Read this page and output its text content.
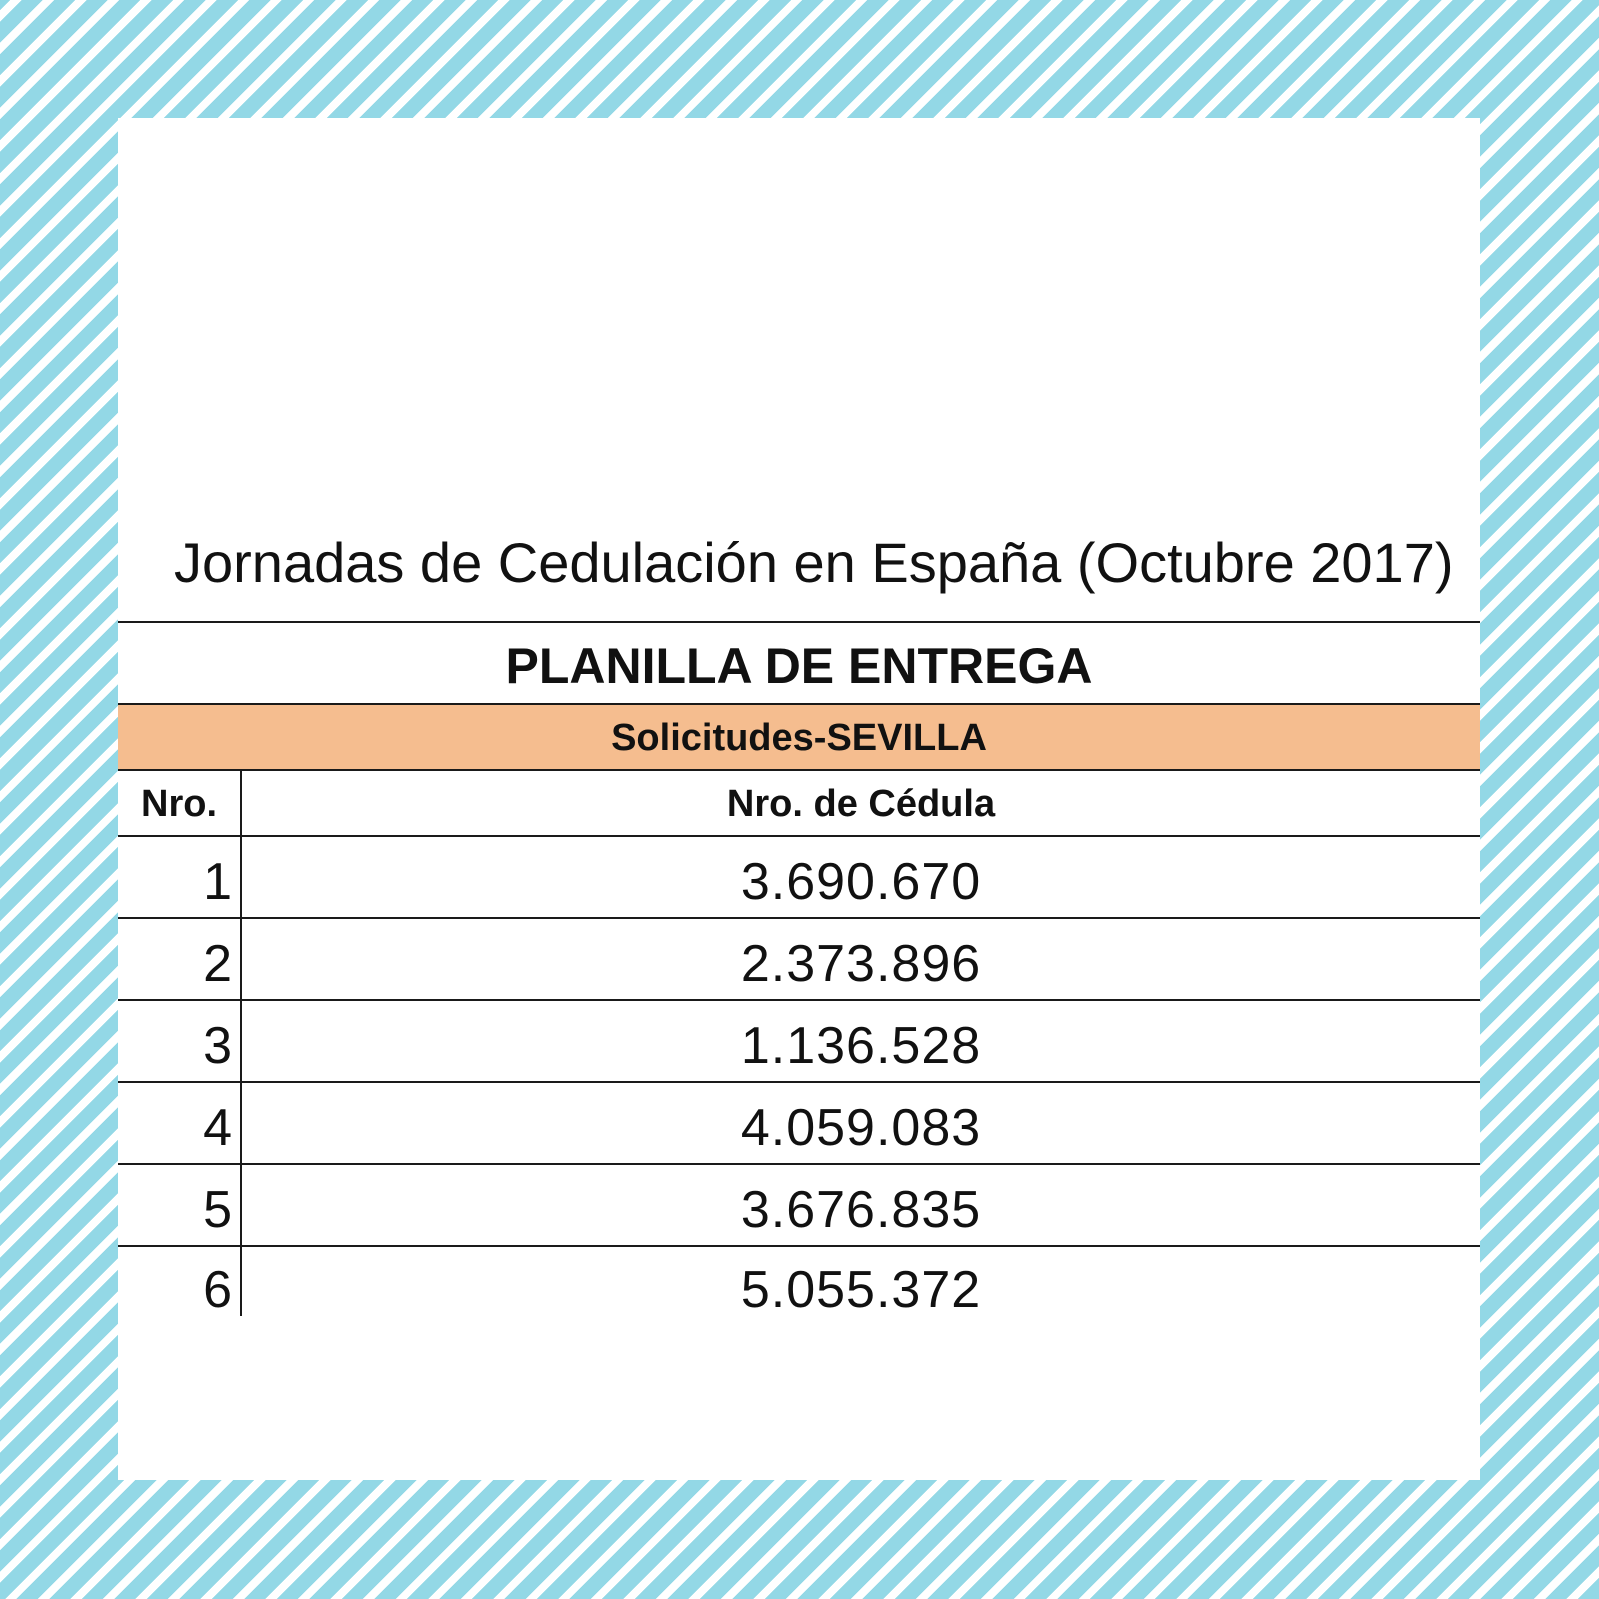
Jornadas de Cedulación en España (Octubre 2017)
PLANILLA DE ENTREGA
Solicitudes-SEVILLA
Nro.	Nro. de Cédula
1	3.690.670
2	2.373.896
3	1.136.528
4	4.059.083
5	3.676.835
6	5.055.372
